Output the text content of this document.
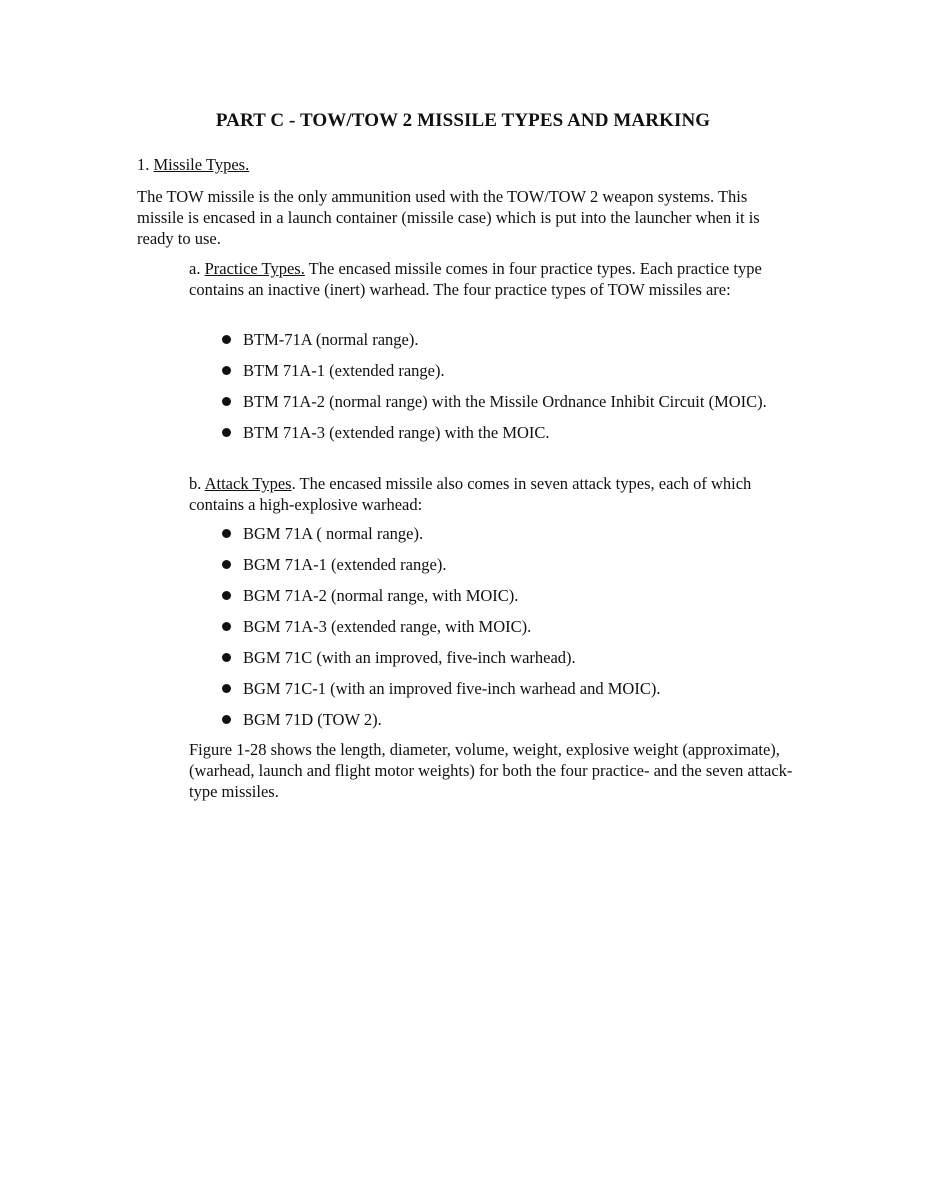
PART C - TOW/TOW 2 MISSILE TYPES AND MARKING
1. Missile Types.
The TOW missile is the only ammunition used with the TOW/TOW 2 weapon systems. This missile is encased in a launch container (missile case) which is put into the launcher when it is ready to use.
a. Practice Types. The encased missile comes in four practice types. Each practice type contains an inactive (inert) warhead. The four practice types of TOW missiles are:
BTM-71A (normal range).
BTM 71A-1 (extended range).
BTM 71A-2 (normal range) with the Missile Ordnance Inhibit Circuit (MOIC).
BTM 71A-3 (extended range) with the MOIC.
b. Attack Types. The encased missile also comes in seven attack types, each of which contains a high-explosive warhead:
BGM 71A ( normal range).
BGM 71A-1 (extended range).
BGM 71A-2 (normal range, with MOIC).
BGM 71A-3 (extended range, with MOIC).
BGM 71C (with an improved, five-inch warhead).
BGM 71C-1 (with an improved five-inch warhead and MOIC).
BGM 71D (TOW 2).
Figure 1-28 shows the length, diameter, volume, weight, explosive weight (approximate), (warhead, launch and flight motor weights) for both the four practice- and the seven attack-type missiles.
